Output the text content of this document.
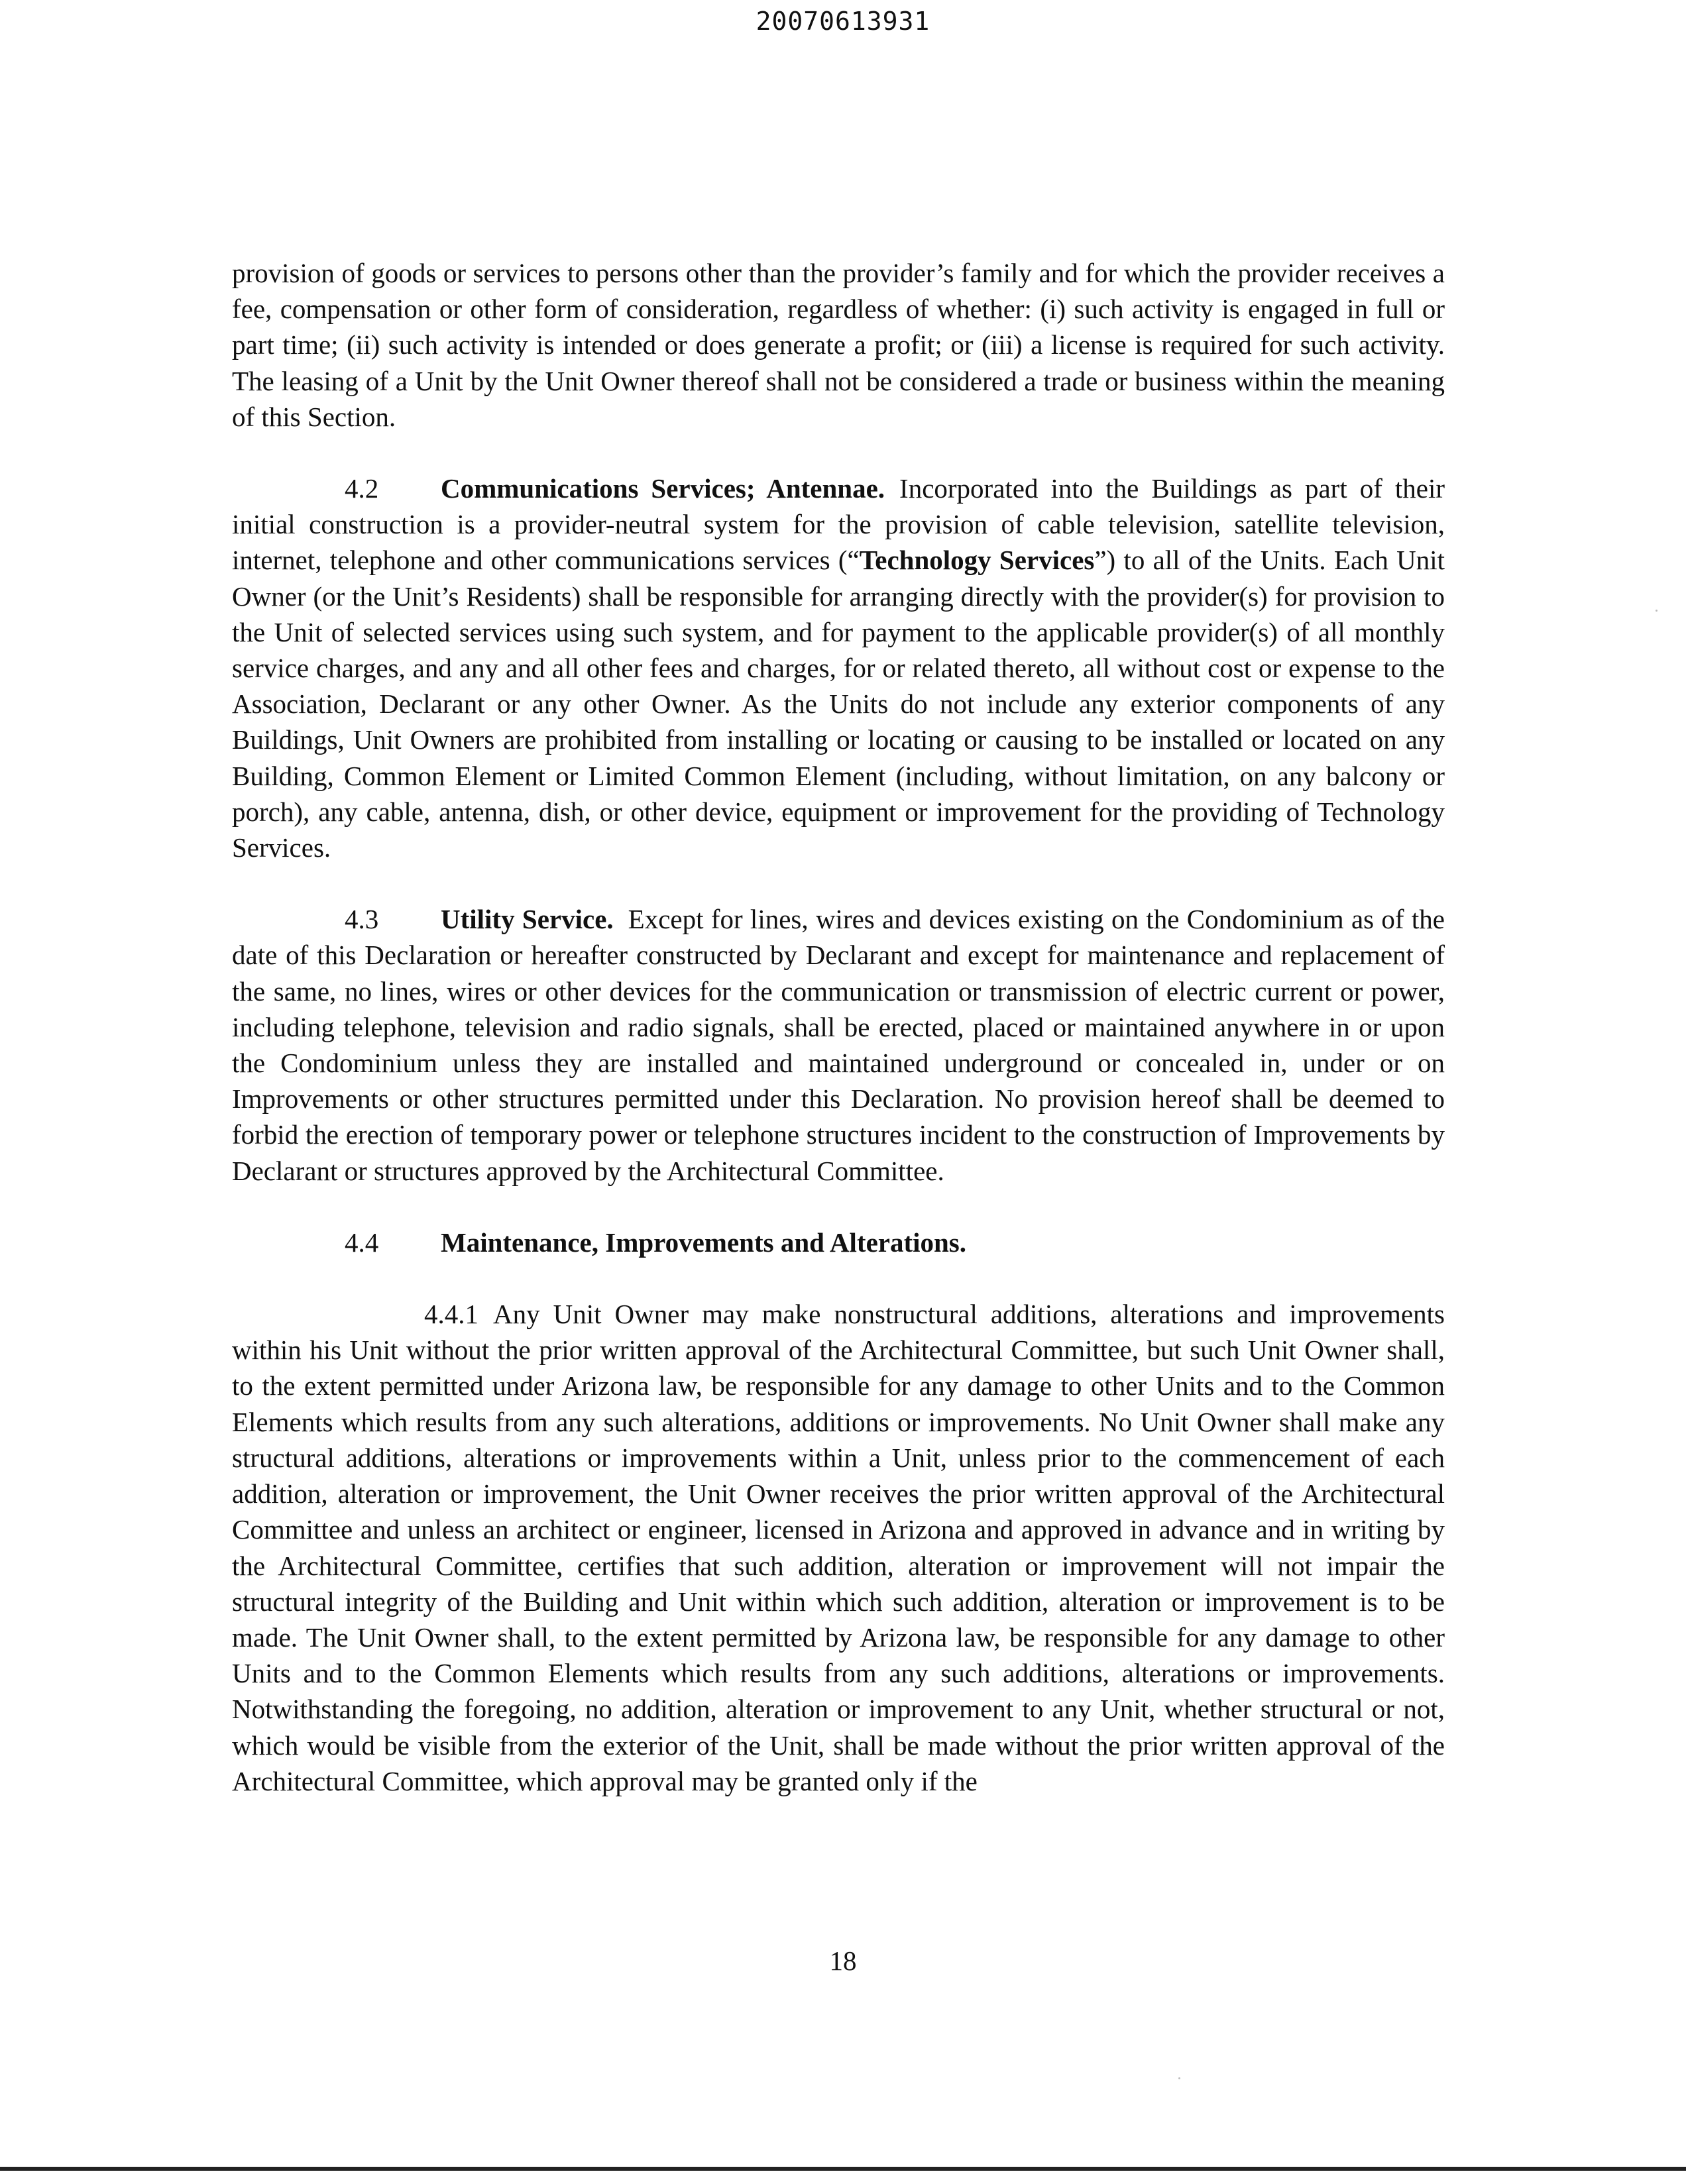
20070613931

provision of goods or services to persons other than the provider’s family and for which the provider receives a fee, compensation or other form of consideration, regardless of whether: (i) such activity is engaged in full or part time; (ii) such activity is intended or does generate a profit; or (iii) a license is required for such activity. The leasing of a Unit by the Unit Owner thereof shall not be considered a trade or business within the meaning of this Section.

4.2 Communications Services; Antennae. Incorporated into the Buildings as part of their initial construction is a provider-neutral system for the provision of cable television, satellite television, internet, telephone and other communications services (“Technology Services”) to all of the Units. Each Unit Owner (or the Unit’s Residents) shall be responsible for arranging directly with the provider(s) for provision to the Unit of selected services using such system, and for payment to the applicable provider(s) of all monthly service charges, and any and all other fees and charges, for or related thereto, all without cost or expense to the Association, Declarant or any other Owner. As the Units do not include any exterior components of any Buildings, Unit Owners are prohibited from installing or locating or causing to be installed or located on any Building, Common Element or Limited Common Element (including, without limitation, on any balcony or porch), any cable, antenna, dish, or other device, equipment or improvement for the providing of Technology Services.

4.3 Utility Service. Except for lines, wires and devices existing on the Condominium as of the date of this Declaration or hereafter constructed by Declarant and except for maintenance and replacement of the same, no lines, wires or other devices for the communication or transmission of electric current or power, including telephone, television and radio signals, shall be erected, placed or maintained anywhere in or upon the Condominium unless they are installed and maintained underground or concealed in, under or on Improvements or other structures permitted under this Declaration. No provision hereof shall be deemed to forbid the erection of temporary power or telephone structures incident to the construction of Improvements by Declarant or structures approved by the Architectural Committee.

4.4 Maintenance, Improvements and Alterations.

4.4.1 Any Unit Owner may make nonstructural additions, alterations and improvements within his Unit without the prior written approval of the Architectural Committee, but such Unit Owner shall, to the extent permitted under Arizona law, be responsible for any damage to other Units and to the Common Elements which results from any such alterations, additions or improvements. No Unit Owner shall make any structural additions, alterations or improvements within a Unit, unless prior to the commencement of each addition, alteration or improvement, the Unit Owner receives the prior written approval of the Architectural Committee and unless an architect or engineer, licensed in Arizona and approved in advance and in writing by the Architectural Committee, certifies that such addition, alteration or improvement will not impair the structural integrity of the Building and Unit within which such addition, alteration or improvement is to be made. The Unit Owner shall, to the extent permitted by Arizona law, be responsible for any damage to other Units and to the Common Elements which results from any such additions, alterations or improvements. Notwithstanding the foregoing, no addition, alteration or improvement to any Unit, whether structural or not, which would be visible from the exterior of the Unit, shall be made without the prior written approval of the Architectural Committee, which approval may be granted only if the

18
